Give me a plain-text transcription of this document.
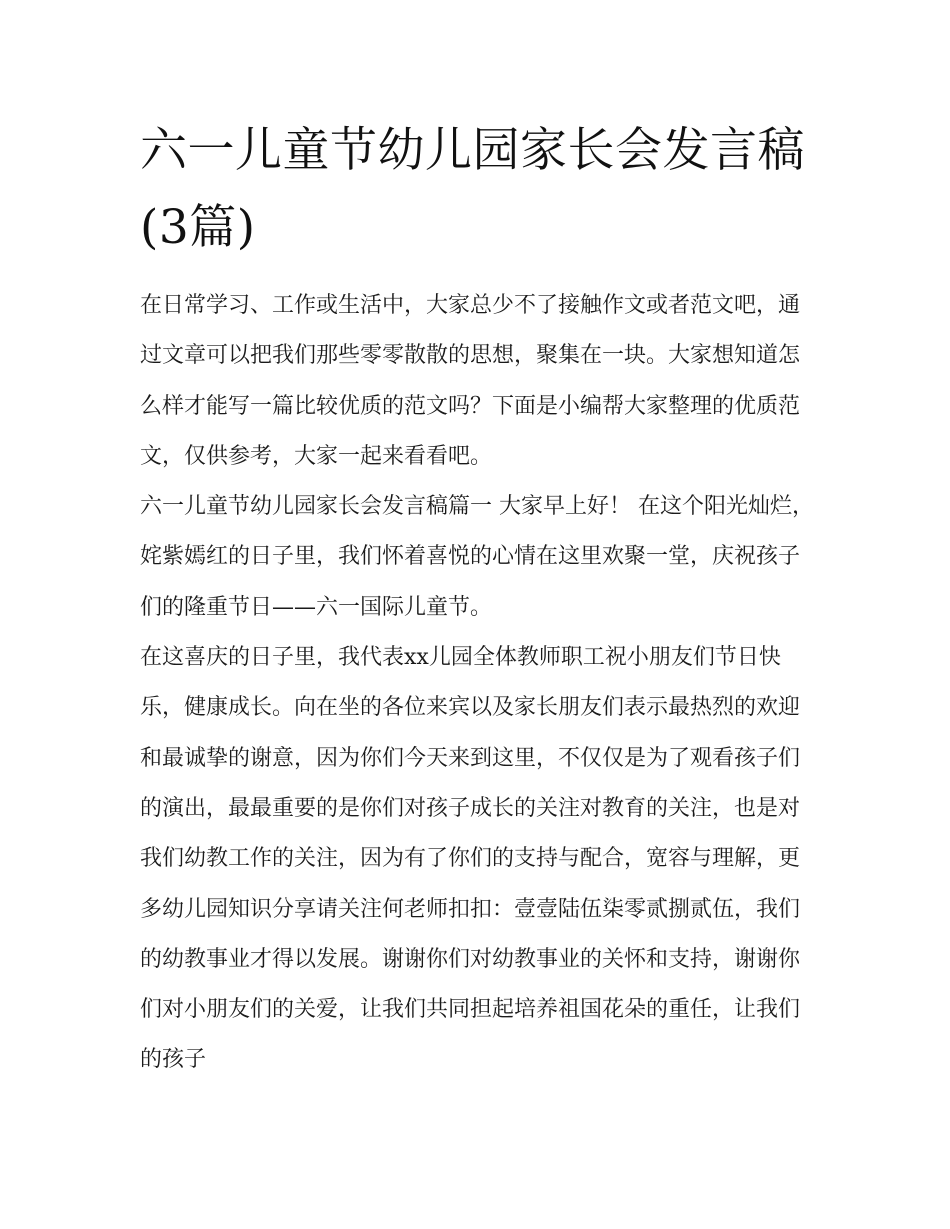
六一儿童节幼儿园家长会发言稿(3篇)

在日常学习、工作或生活中，大家总少不了接触作文或者范文吧，通过文章可以把我们那些零零散散的思想，聚集在一块。大家想知道怎么样才能写一篇比较优质的范文吗？下面是小编帮大家整理的优质范文，仅供参考，大家一起来看看吧。

六一儿童节幼儿园家长会发言稿篇一 大家早上好！ 在这个阳光灿烂，姹紫嫣红的日子里，我们怀着喜悦的心情在这里欢聚一堂，庆祝孩子们的隆重节日——六一国际儿童节。

在这喜庆的日子里，我代表xx儿园全体教师职工祝小朋友们节日快乐，健康成长。向在坐的各位来宾以及家长朋友们表示最热烈的欢迎和最诚挚的谢意，因为你们今天来到这里，不仅仅是为了观看孩子们的演出，最最重要的是你们对孩子成长的关注对教育的关注，也是对我们幼教工作的关注，因为有了你们的支持与配合，宽容与理解，更多幼儿园知识分享请关注何老师扣扣：壹壹陆伍柒零贰捌贰伍，我们的幼教事业才得以发展。谢谢你们对幼教事业的关怀和支持，谢谢你们对小朋友们的关爱，让我们共同担起培养祖国花朵的重任，让我们的孩子
